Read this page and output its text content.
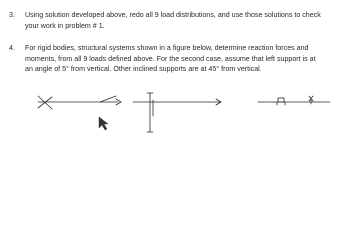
3. Using solution developed above, redo all 9 load distributions, and use those solutions to check

your work in problem # 1.

4. For rigid bodies, structural systems shown in a figure below, determine reaction forces and

moments, from all 9 loads defined above. For the second case, assume that left support is at

an angle of 5° from vertical. Other inclined supports are at 45° from vertical.
